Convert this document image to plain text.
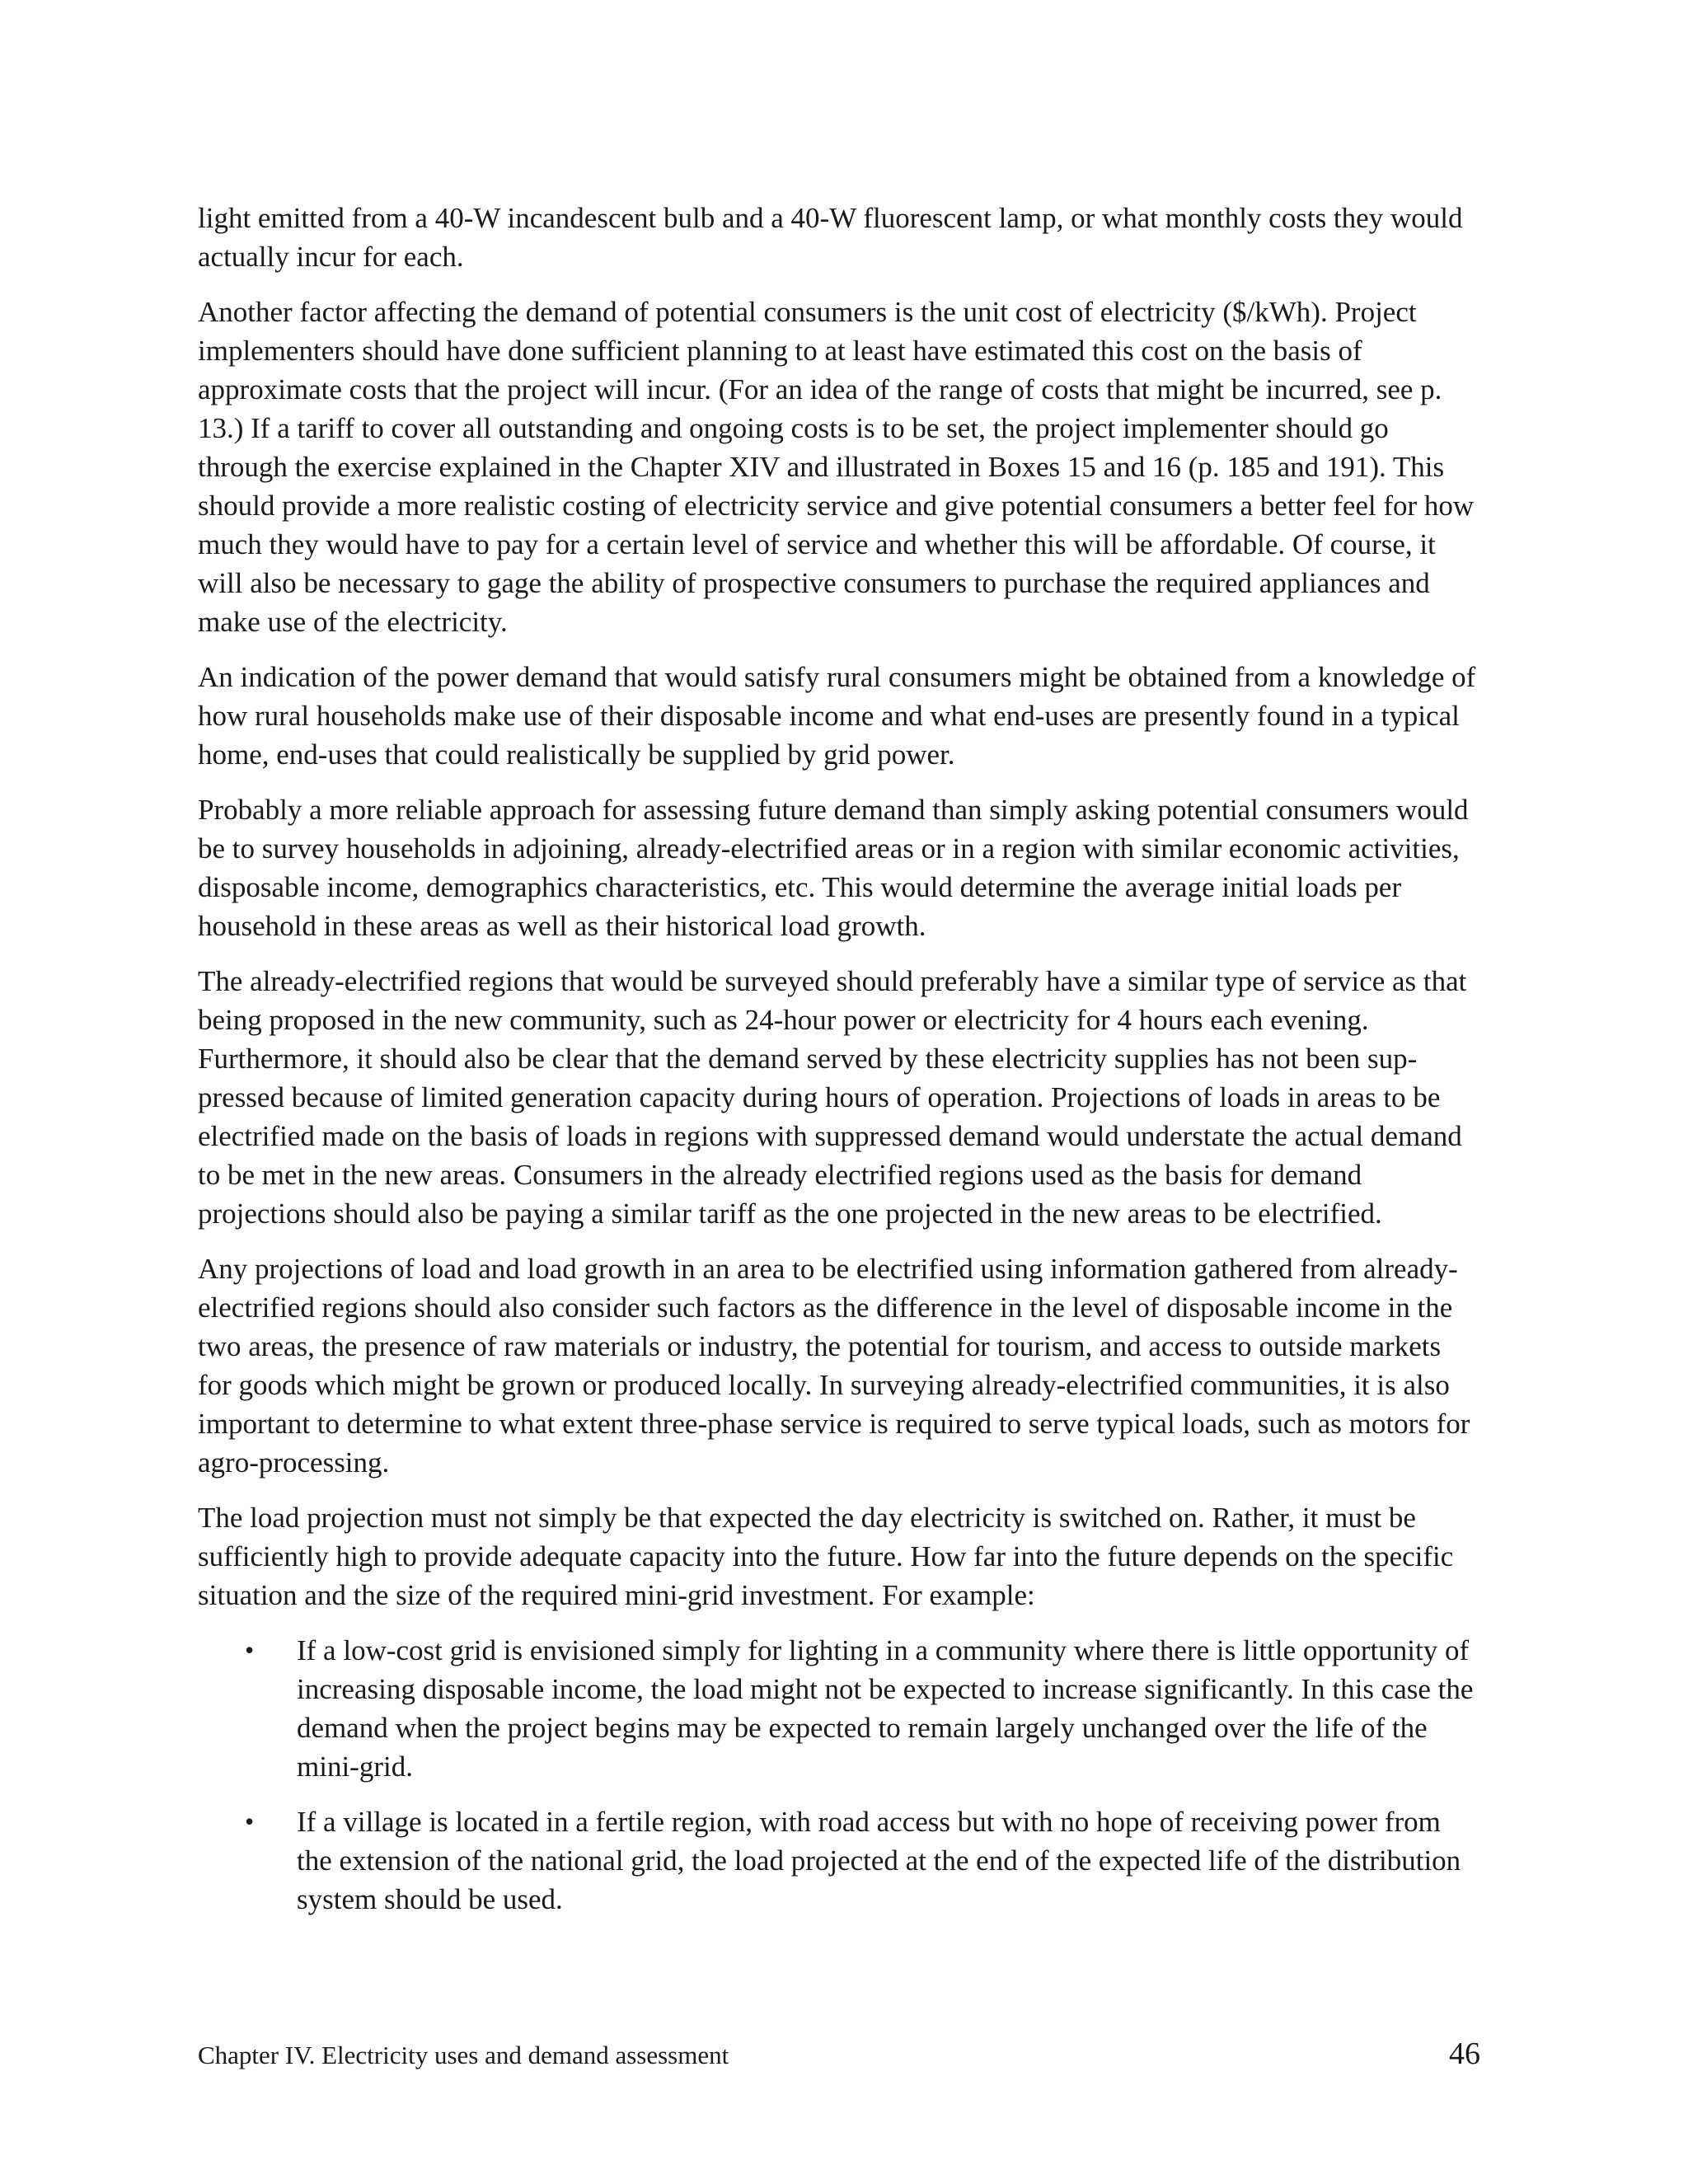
light emitted from a 40-W incandescent bulb and a 40-W fluorescent lamp, or what monthly costs they would actually incur for each.

Another factor affecting the demand of potential consumers is the unit cost of electricity ($/kWh). Project implementers should have done sufficient planning to at least have estimated this cost on the basis of approximate costs that the project will incur. (For an idea of the range of costs that might be incurred, see p. 13.) If a tariff to cover all outstanding and ongoing costs is to be set, the project implementer should go through the exercise explained in the Chapter XIV and illustrated in Boxes 15 and 16 (p. 185 and 191). This should provide a more realistic costing of electricity service and give potential consumers a better feel for how much they would have to pay for a certain level of service and whether this will be affordable. Of course, it will also be necessary to gage the ability of prospective consumers to purchase the required appliances and make use of the electricity.

An indication of the power demand that would satisfy rural consumers might be obtained from a knowledge of how rural households make use of their disposable income and what end-uses are presently found in a typical home, end-uses that could realistically be supplied by grid power.

Probably a more reliable approach for assessing future demand than simply asking potential consumers would be to survey households in adjoining, already-electrified areas or in a region with similar economic activities, disposable income, demographics characteristics, etc. This would determine the average initial loads per household in these areas as well as their historical load growth.

The already-electrified regions that would be surveyed should preferably have a similar type of service as that being proposed in the new community, such as 24-hour power or electricity for 4 hours each evening. Furthermore, it should also be clear that the demand served by these electricity supplies has not been sup-pressed because of limited generation capacity during hours of operation. Projections of loads in areas to be electrified made on the basis of loads in regions with suppressed demand would understate the actual demand to be met in the new areas. Consumers in the already electrified regions used as the basis for demand projections should also be paying a similar tariff as the one projected in the new areas to be electrified.

Any projections of load and load growth in an area to be electrified using information gathered from already-electrified regions should also consider such factors as the difference in the level of disposable income in the two areas, the presence of raw materials or industry, the potential for tourism, and access to outside markets for goods which might be grown or produced locally. In surveying already-electrified communities, it is also important to determine to what extent three-phase service is required to serve typical loads, such as motors for agro-processing.

The load projection must not simply be that expected the day electricity is switched on. Rather, it must be sufficiently high to provide adequate capacity into the future. How far into the future depends on the specific situation and the size of the required mini-grid investment. For example:

• If a low-cost grid is envisioned simply for lighting in a community where there is little opportunity of increasing disposable income, the load might not be expected to increase significantly. In this case the demand when the project begins may be expected to remain largely unchanged over the life of the mini-grid.
• If a village is located in a fertile region, with road access but with no hope of receiving power from the extension of the national grid, the load projected at the end of the expected life of the distribution system should be used.
Chapter IV. Electricity uses and demand assessment	46
